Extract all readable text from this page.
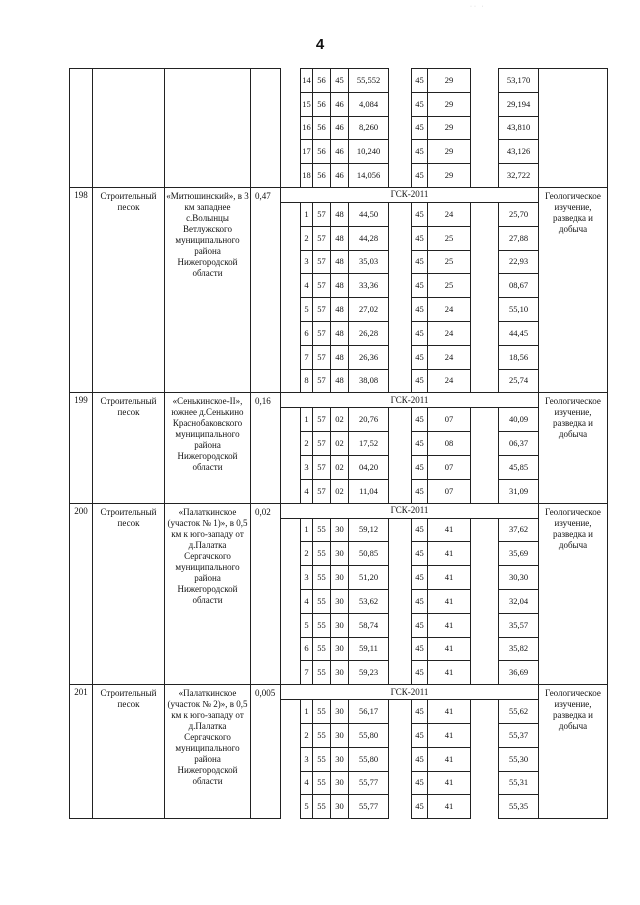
·· ·
4
					14	56	45	55,552		45	29		53,170	
					15	56	46	4,084		45	29		29,194	
					16	56	46	8,260		45	29		43,810	
					17	56	46	10,240		45	29		43,126	
					18	56	46	14,056		45	29		32,722	
198	Строительный песок	«Митюшинский», в 3 км западнее с.Волынцы Ветлужского муниципального района Нижегородской области	0,47	ГСК-2011										Геологическое изучение, разведка и добыча
					1	57	48	44,50		45	24		25,70	
					2	57	48	44,28		45	25		27,88	
					3	57	48	35,03		45	25		22,93	
					4	57	48	33,36		45	25		08,67	
					5	57	48	27,02		45	24		55,10	
					6	57	48	26,28		45	24		44,45	
					7	57	48	26,36		45	24		18,56	
					8	57	48	38,08		45	24		25,74	
199	Строительный песок	«Сенькинское-II», южнее д.Сенькино Краснобаковского муниципального района Нижегородской области	0,16	ГСК-2011										Геологическое изучение, разведка и добыча
					1	57	02	20,76		45	07		40,09	
					2	57	02	17,52		45	08		06,37	
					3	57	02	04,20		45	07		45,85	
					4	57	02	11,04		45	07		31,09	
200	Строительный песок	«Палаткинское (участок № 1)», в 0,5 км к юго-западу от д.Палатка Сергачского муниципального района Нижегородской области	0,02	ГСК-2011										Геологическое изучение, разведка и добыча
					1	55	30	59,12		45	41		37,62	
					2	55	30	50,85		45	41		35,69	
					3	55	30	51,20		45	41		30,30	
					4	55	30	53,62		45	41		32,04	
					5	55	30	58,74		45	41		35,57	
					6	55	30	59,11		45	41		35,82	
					7	55	30	59,23		45	41		36,69	
201	Строительный песок	«Палаткинское (участок № 2)», в 0,5 км к юго-западу от д.Палатка Сергачского муниципального района Нижегородской области	0,005	ГСК-2011										Геологическое изучение, разведка и добыча
					1	55	30	56,17		45	41		55,62	
					2	55	30	55,80		45	41		55,37	
					3	55	30	55,80		45	41		55,30	
					4	55	30	55,77		45	41		55,31	
					5	55	30	55,77		45	41		55,35	
